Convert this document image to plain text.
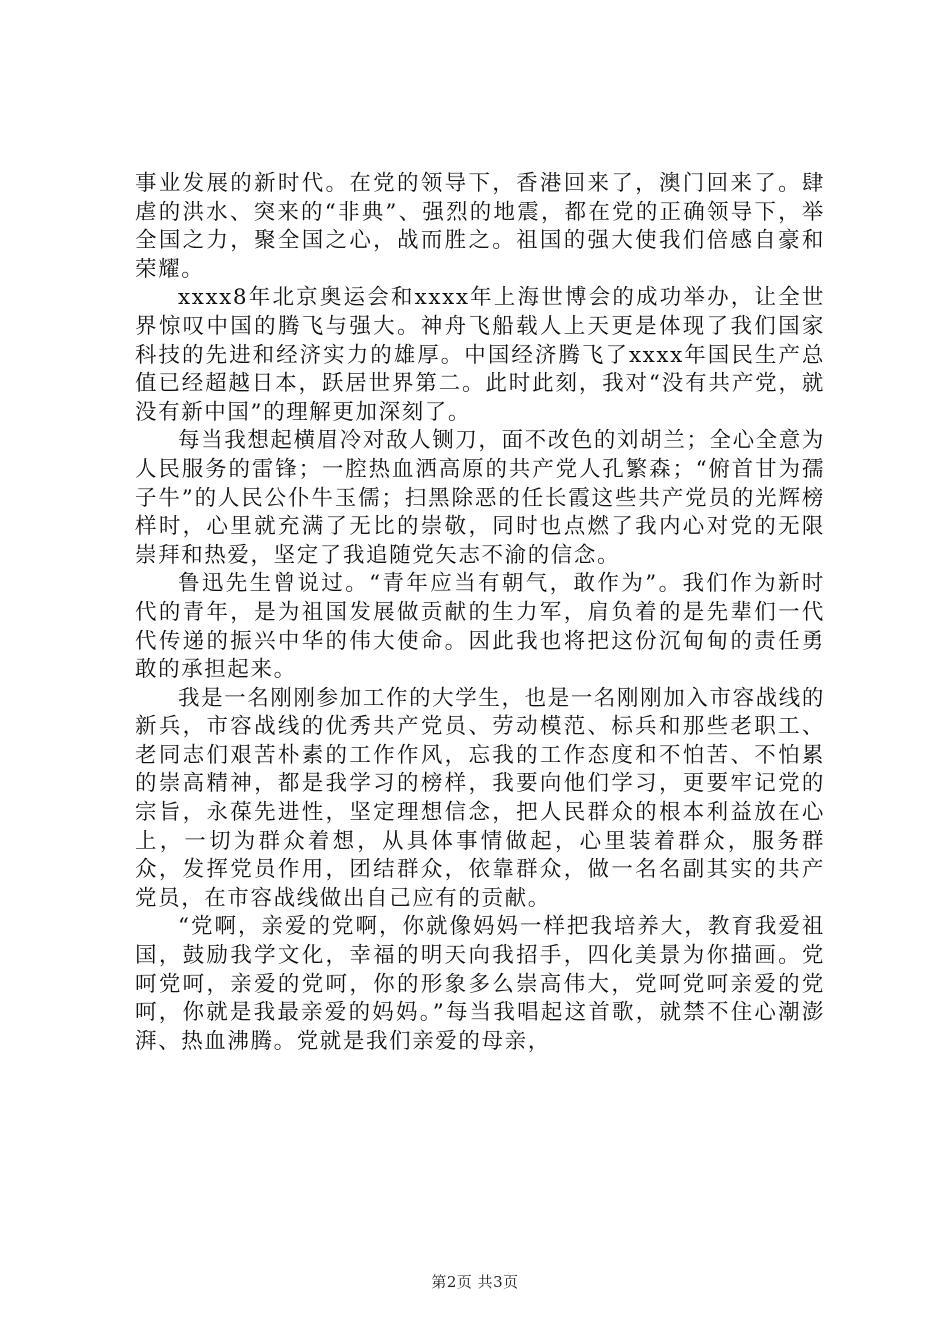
事业发展的新时代。在党的领导下，香港回来了，澳门回来了。肆虐的洪水、突来的“非典”、强烈的地震，都在党的正确领导下，举全国之力，聚全国之心，战而胜之。祖国的强大使我们倍感自豪和荣耀。

xxxx8年北京奥运会和xxxx年上海世博会的成功举办，让全世界惊叹中国的腾飞与强大。神舟飞船载人上天更是体现了我们国家科技的先进和经济实力的雄厚。中国经济腾飞了xxxx年国民生产总值已经超越日本，跃居世界第二。此时此刻，我对“没有共产党，就没有新中国”的理解更加深刻了。

每当我想起横眉冷对敌人铡刀，面不改色的刘胡兰；全心全意为人民服务的雷锋；一腔热血洒高原的共产党人孔繁森；“俯首甘为孺子牛”的人民公仆牛玉儒；扫黑除恶的任长霞这些共产党员的光辉榜样时，心里就充满了无比的崇敬，同时也点燃了我内心对党的无限崇拜和热爱，坚定了我追随党矢志不渝的信念。

鲁迅先生曾说过。“青年应当有朝气，敢作为”。我们作为新时代的青年，是为祖国发展做贡献的生力军，肩负着的是先辈们一代代传递的振兴中华的伟大使命。因此我也将把这份沉甸甸的责任勇敢的承担起来。

我是一名刚刚参加工作的大学生，也是一名刚刚加入市容战线的新兵，市容战线的优秀共产党员、劳动模范、标兵和那些老职工、老同志们艰苦朴素的工作作风，忘我的工作态度和不怕苦、不怕累的崇高精神，都是我学习的榜样，我要向他们学习，更要牢记党的宗旨，永葆先进性，坚定理想信念，把人民群众的根本利益放在心上，一切为群众着想，从具体事情做起，心里装着群众，服务群众，发挥党员作用，团结群众，依靠群众，做一名名副其实的共产党员，在市容战线做出自己应有的贡献。

“党啊，亲爱的党啊，你就像妈妈一样把我培养大，教育我爱祖国，鼓励我学文化，幸福的明天向我招手，四化美景为你描画。党呵党呵，亲爱的党呵，你的形象多么崇高伟大，党呵党呵亲爱的党呵，你就是我最亲爱的妈妈。”每当我唱起这首歌，就禁不住心潮澎湃、热血沸腾。党就是我们亲爱的母亲，

第2页 共3页
